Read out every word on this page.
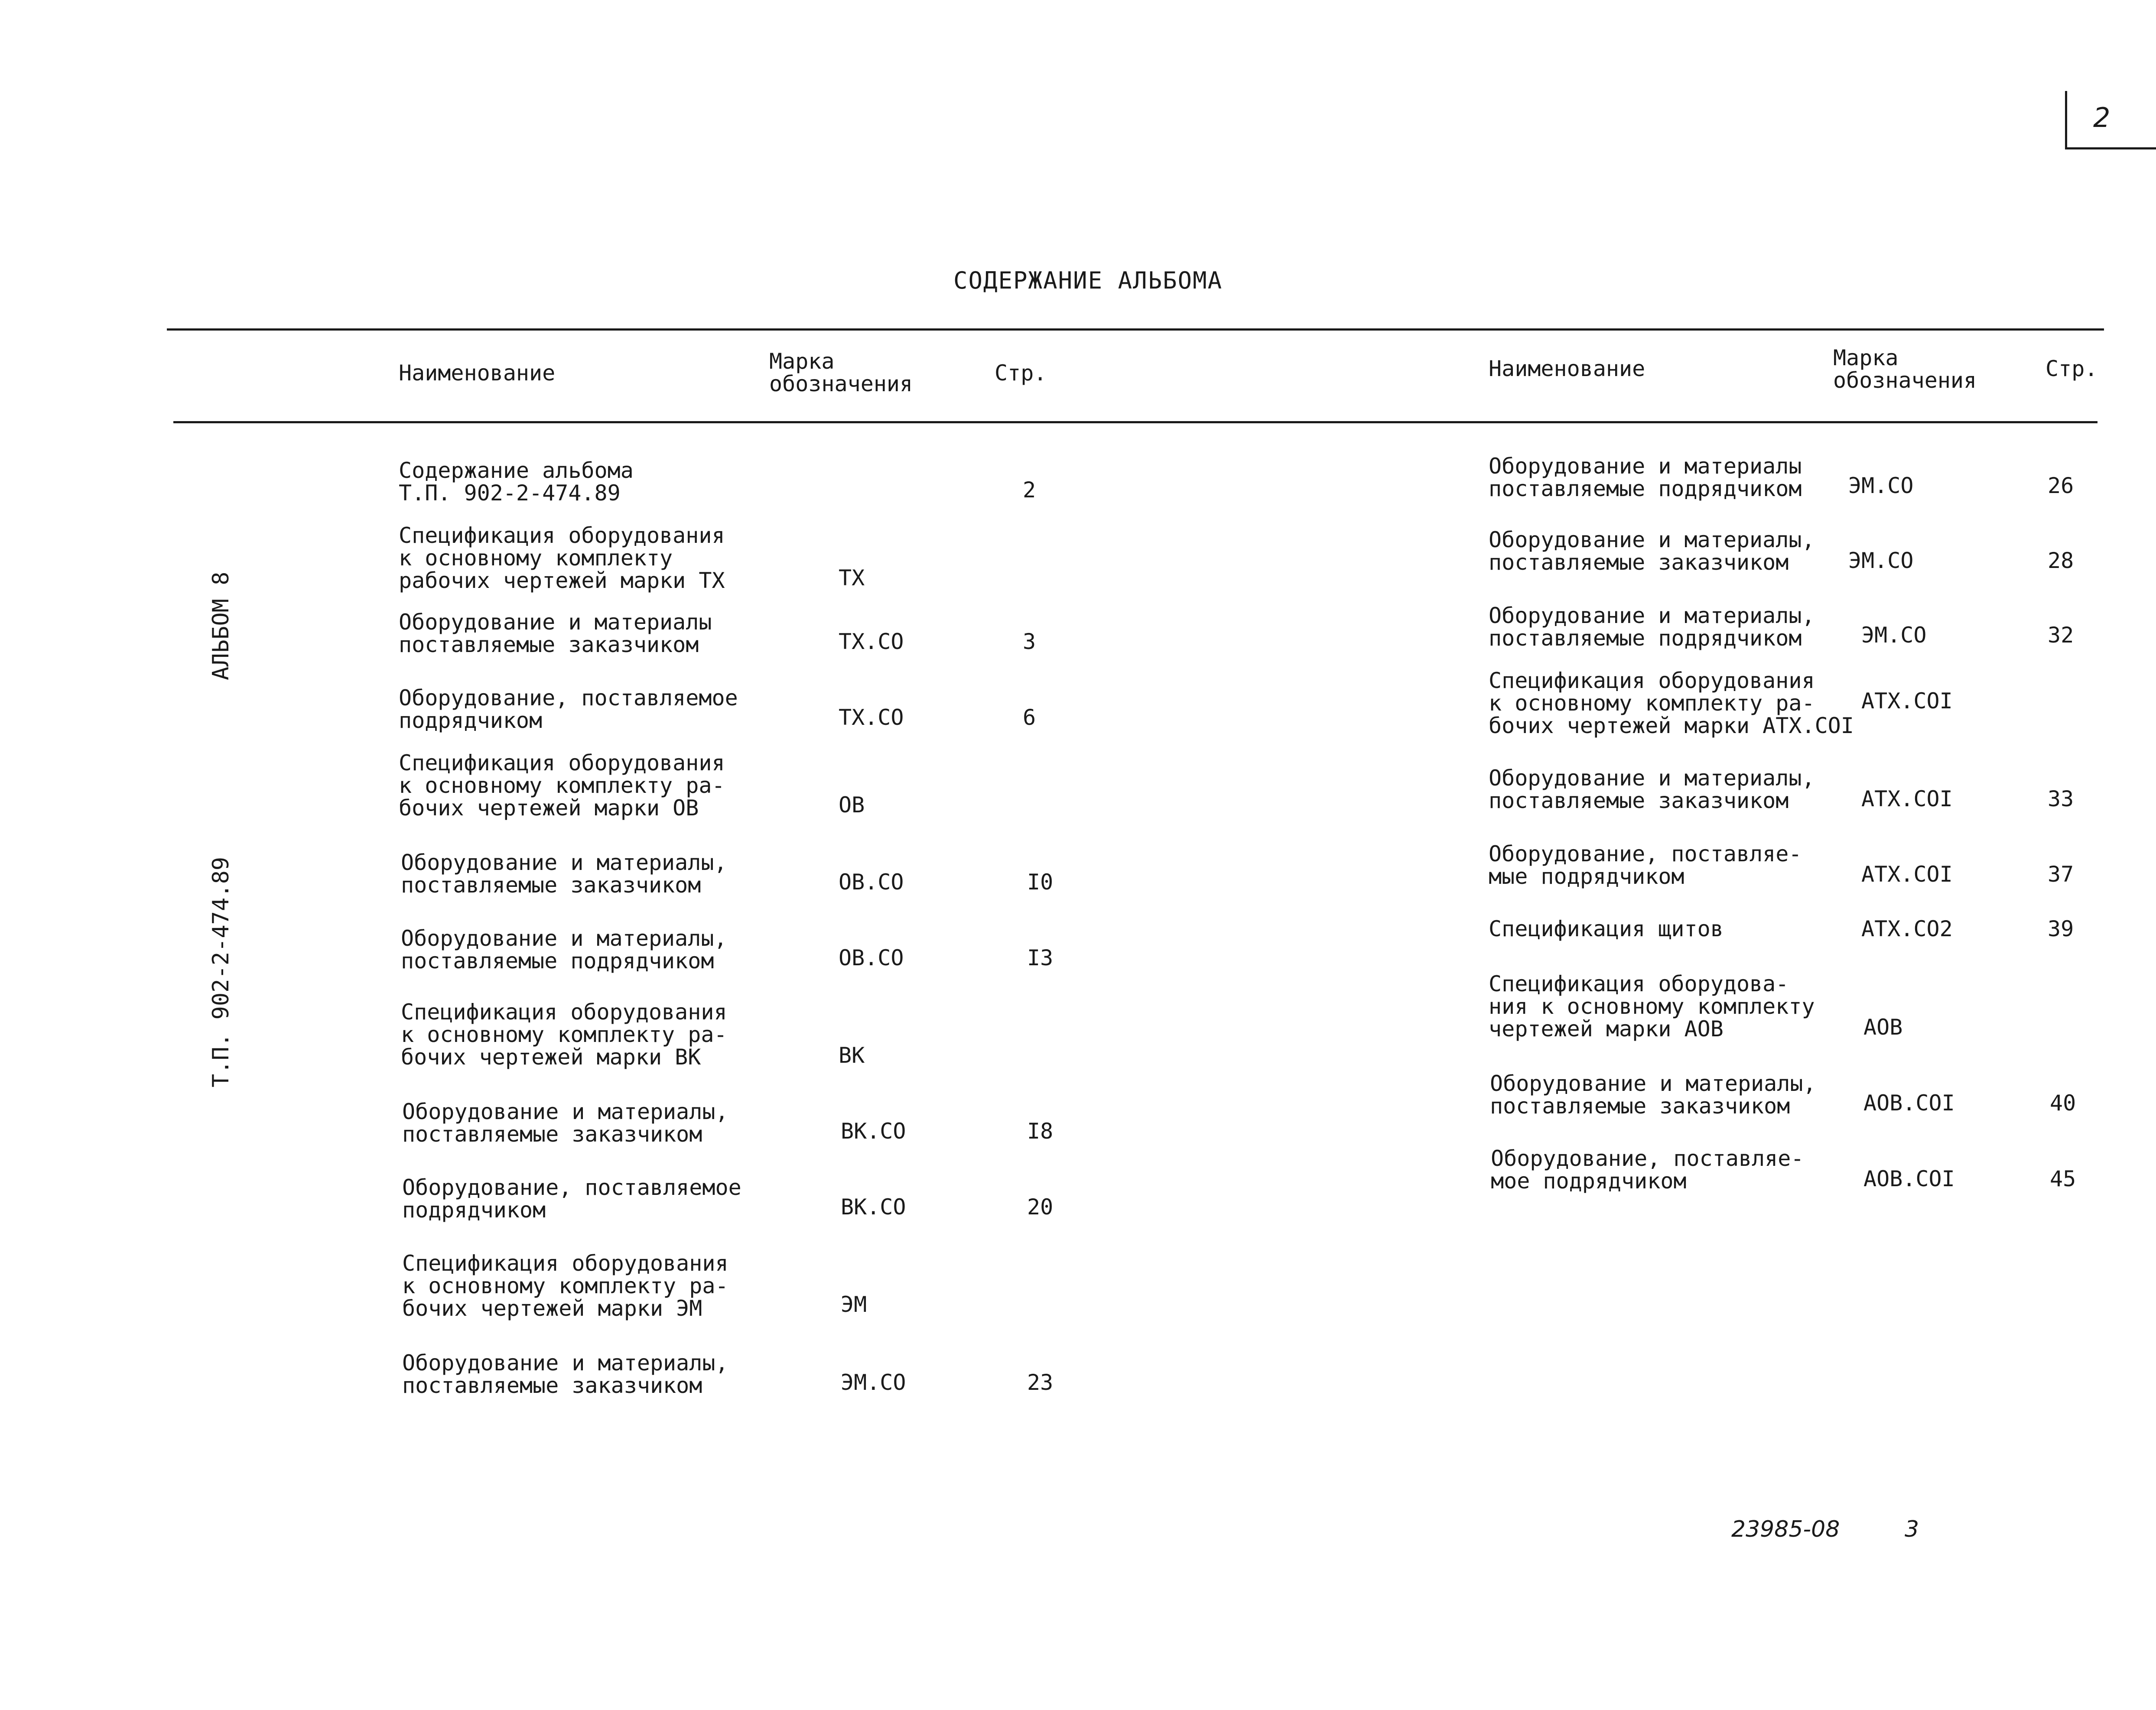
2
СОДЕРЖАНИЕ АЛЬБОМА
АЛЬБОМ 8
Т.П. 902-2-474.89
Наименование	Марка
обозначения	Стр.	Наименование	Марка
обозначения	Стр.
Содержание альбома
Т.П. 902-2-474.89	2
Спецификация оборудования
к основному комплекту
рабочих чертежей марки ТХ	ТХ
Оборудование и материалы
поставляемые заказчиком	ТХ.СО	3
Оборудование, поставляемое
подрядчиком	ТХ.СО	6
Спецификация оборудования
к основному комплекту ра-
бочих чертежей марки ОВ	ОВ
Оборудование и материалы,
поставляемые заказчиком	ОВ.СО	I0
Оборудование и материалы,
поставляемые подрядчиком	ОВ.СО	I3
Спецификация оборудования
к основному комплекту ра-
бочих чертежей марки ВК	ВК
Оборудование и материалы,
поставляемые заказчиком	ВК.СО	I8
Оборудование, поставляемое
подрядчиком	ВК.СО	20
Спецификация оборудования
к основному комплекту ра-
бочих чертежей марки ЭМ	ЭМ
Оборудование и материалы,
поставляемые заказчиком	ЭМ.СО	23
Оборудование и материалы
поставляемые подрядчиком ЭМ.СО	26
Оборудование и материалы,
поставляемые заказчиком	ЭМ.СО	28
Оборудование и материалы,
поставляемые подрядчиком	ЭМ.СО	32
Спецификация оборудования
к основному комплекту ра-
бочих чертежей марки АТХ.СОI
АТХ.СОI
Оборудование и материалы,
поставляемые заказчиком	АТХ.СОI	33
Оборудование, поставляе-
мые подрядчиком	АТХ.СОI	37
Спецификация щитов	АТХ.СО2	39
Спецификация оборудова-
ния к основному комплекту
чертежей марки АОВ	АОВ
Оборудование и материалы,
поставляемые заказчиком	АОВ.СОI	40
Оборудование, поставляе-
мое подрядчиком	АОВ.СОI	45
23985-08	3
